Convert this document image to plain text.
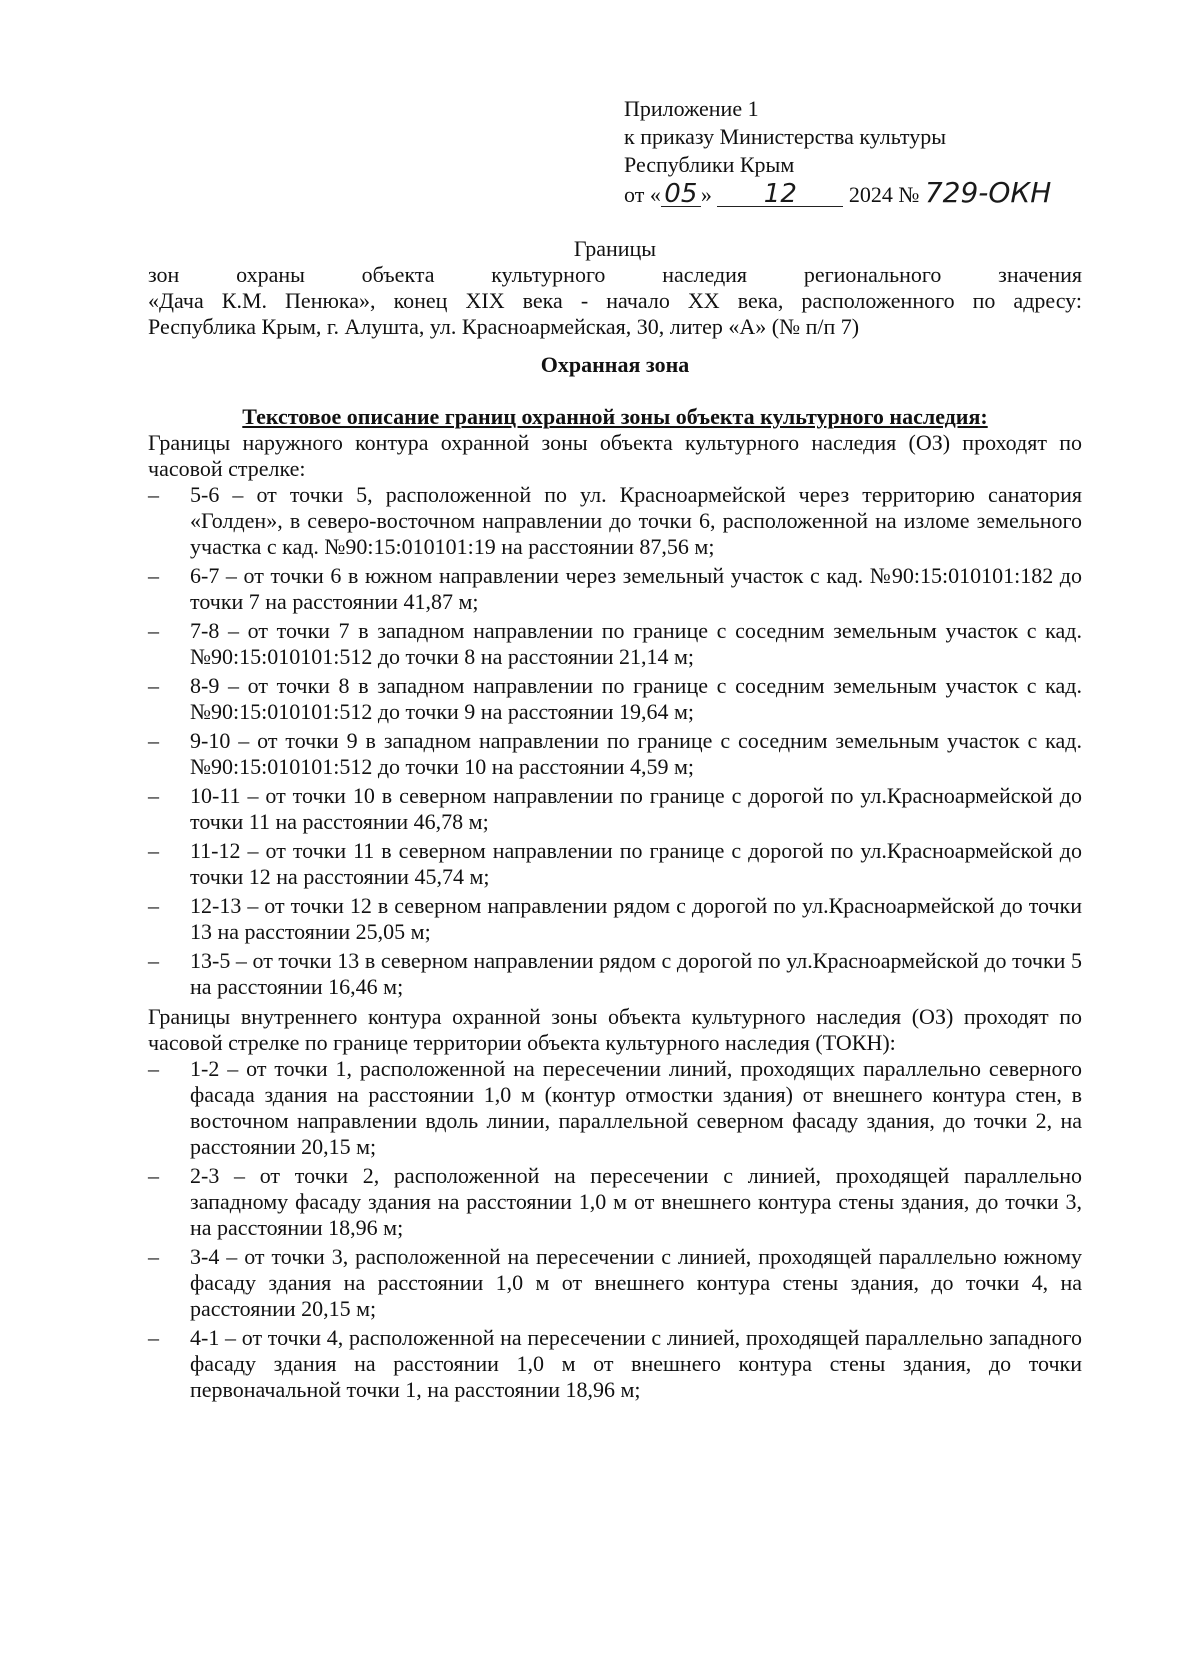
Приложение 1
к приказу Министерства культуры
Республики Крым
от « 05 » 12 2024 № 729-ОКН
Границы
зон охраны объекта культурного наследия регионального значения
«Дача К.М. Пенюка», конец XIX века - начало XX века, расположенного по адресу:
Республика Крым, г. Алушта, ул. Красноармейская, 30, литер «А» (№ п/п 7)
Охранная зона
Текстовое описание границ охранной зоны объекта культурного наследия:
Границы наружного контура охранной зоны объекта культурного наследия (ОЗ) проходят по часовой стрелке:
– 5-6 – от точки 5, расположенной по ул. Красноармейской через территорию санатория «Голден», в северо-восточном направлении до точки 6, расположенной на изломе земельного участка с кад. №90:15:010101:19 на расстоянии 87,56 м;
– 6-7 – от точки 6 в южном направлении через земельный участок с кад. №90:15:010101:182 до точки 7 на расстоянии 41,87 м;
– 7-8 – от точки 7 в западном направлении по границе с соседним земельным участок с кад. №90:15:010101:512 до точки 8 на расстоянии 21,14 м;
– 8-9 – от точки 8 в западном направлении по границе с соседним земельным участок с кад. №90:15:010101:512 до точки 9 на расстоянии 19,64 м;
– 9-10 – от точки 9 в западном направлении по границе с соседним земельным участок с кад. №90:15:010101:512 до точки 10 на расстоянии 4,59 м;
– 10-11 – от точки 10 в северном направлении по границе с дорогой по ул.Красноармейской до точки 11 на расстоянии 46,78 м;
– 11-12 – от точки 11 в северном направлении по границе с дорогой по ул.Красноармейской до точки 12 на расстоянии 45,74 м;
– 12-13 – от точки 12 в северном направлении рядом с дорогой по ул.Красноармейской до точки 13 на расстоянии 25,05 м;
– 13-5 – от точки 13 в северном направлении рядом с дорогой по ул.Красноармейской до точки 5 на расстоянии 16,46 м;
Границы внутреннего контура охранной зоны объекта культурного наследия (ОЗ) проходят по часовой стрелке по границе территории объекта культурного наследия (ТОКН):
– 1-2 – от точки 1, расположенной на пересечении линий, проходящих параллельно северного фасада здания на расстоянии 1,0 м (контур отмостки здания) от внешнего контура стен, в восточном направлении вдоль линии, параллельной северном фасаду здания, до точки 2, на расстоянии 20,15 м;
– 2-3 – от точки 2, расположенной на пересечении с линией, проходящей параллельно западному фасаду здания на расстоянии 1,0 м от внешнего контура стены здания, до точки 3, на расстоянии 18,96 м;
– 3-4 – от точки 3, расположенной на пересечении с линией, проходящей параллельно южному фасаду здания на расстоянии 1,0 м от внешнего контура стены здания, до точки 4, на расстоянии 20,15 м;
– 4-1 – от точки 4, расположенной на пересечении с линией, проходящей параллельно западного фасаду здания на расстоянии 1,0 м от внешнего контура стены здания, до точки первоначальной точки 1, на расстоянии 18,96 м;
